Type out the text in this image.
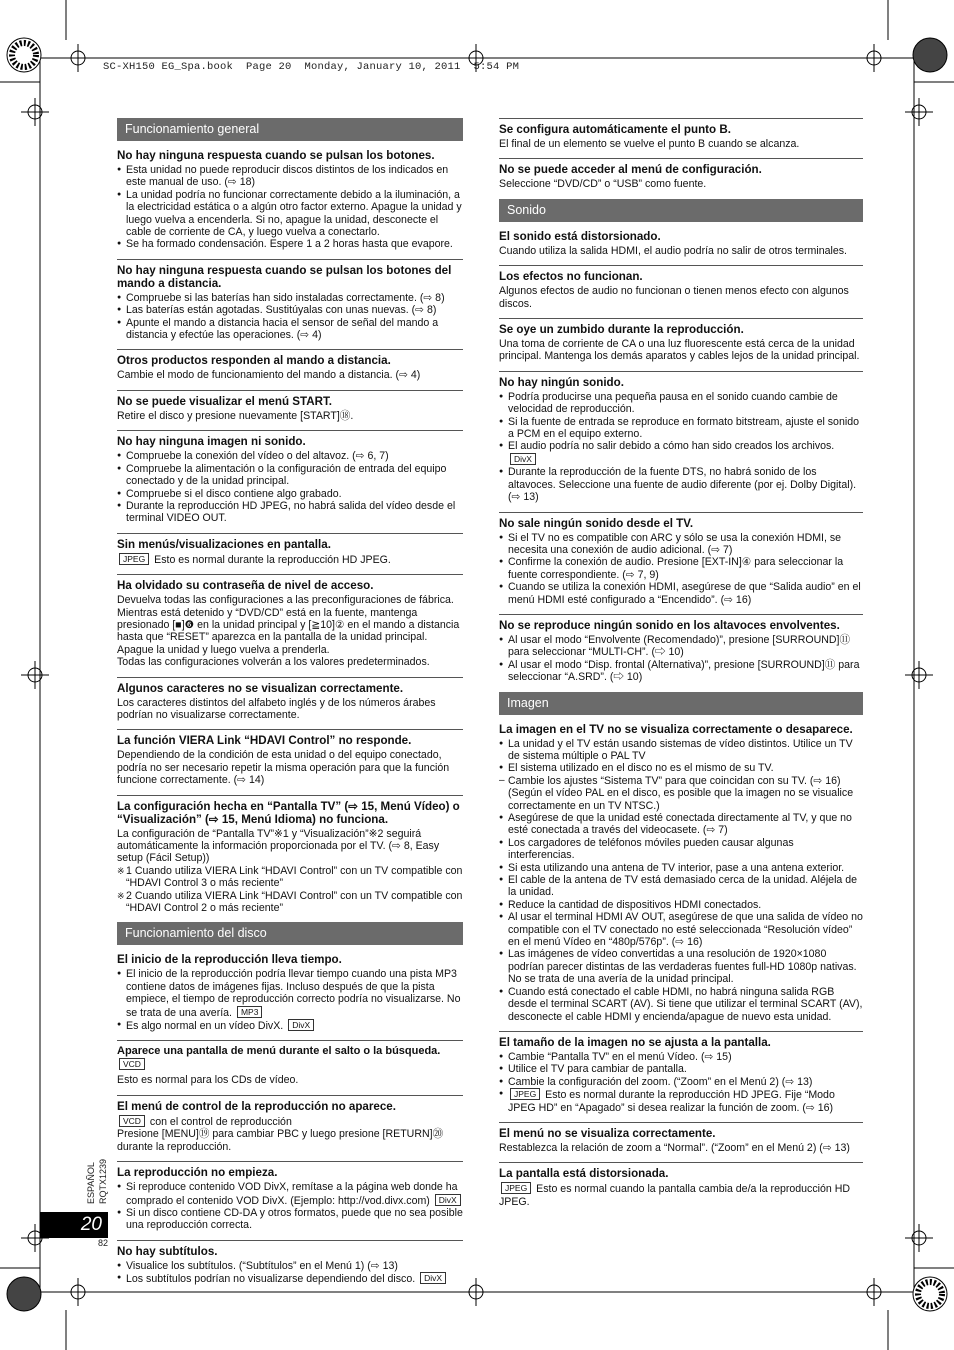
SC-XH150 EG_Spa.book  Page 20  Monday, January 10, 2011  5:54 PM
Funcionamiento general
No hay ninguna respuesta cuando se pulsan los botones.
● Esta unidad no puede reproducir discos distintos de los indicados en este manual de uso. (⇨ 18)
● La unidad podría no funcionar correctamente debido a la iluminación, a la electricidad estática o a algún otro factor externo. Apague la unidad y luego vuelva a encenderla. Si no, apague la unidad, desconecte el cable de corriente de CA, y luego vuelva a conectarlo.
● Se ha formado condensación. Espere 1 a 2 horas hasta que evapore.
No hay ninguna respuesta cuando se pulsan los botones del mando a distancia.
● Compruebe si las baterías han sido instaladas correctamente. (⇨ 8)
● Las baterías están agotadas. Sustitúyalas con unas nuevas. (⇨ 8)
● Apunte el mando a distancia hacia el sensor de señal del mando a distancia y efectúe las operaciones. (⇨ 4)
Otros productos responden al mando a distancia.

Cambie el modo de funcionamiento del mando a distancia. (⇨ 4)

No se puede visualizar el menú START.

Retire el disco y presione nuevamente [START]⑱.

No hay ninguna imagen ni sonido.
● Compruebe la conexión del vídeo o del altavoz. (⇨ 6, 7)
● Compruebe la alimentación o la configuración de entrada del equipo conectado y de la unidad principal.
● Compruebe si el disco contiene algo grabado.
● Durante la reproducción HD JPEG, no habrá salida del vídeo desde el terminal VIDEO OUT.
Sin menús/visualizaciones en pantalla.

JPEG Esto es normal durante la reproducción HD JPEG.

Ha olvidado su contraseña de nivel de acceso.

Devuelva todas las configuraciones a las preconfiguraciones de fábrica. Mientras está detenido y “DVD/CD” está en la fuente, mantenga presionado [■]❻ en la unidad principal y [≧10]② en el mando a distancia hasta que “RESET” aparezca en la pantalla de la unidad principal. Apague la unidad y luego vuelva a prenderla.

Todas las configuraciones volverán a los valores predeterminados.

Algunos caracteres no se visualizan correctamente.

Los caracteres distintos del alfabeto inglés y de los números árabes podrían no visualizarse correctamente.

La función VIERA Link “HDAVI Control” no responde.

Dependiendo de la condición de esta unidad o del equipo conectado, podría no ser necesario repetir la misma operación para que la función funcione correctamente. (⇨ 14)

La configuración hecha en “Pantalla TV” (⇨ 15, Menú Vídeo) o “Visualización” (⇨ 15, Menú Idioma) no funciona.

La configuración de “Pantalla TV”※1 y “Visualización”※2 seguirá automáticamente la información proporcionada por el TV. (⇨ 8, Easy setup (Fácil Setup))

※ 1 Cuando utiliza VIERA Link “HDAVI Control” con un TV compatible con “HDAVI Control 3 o más reciente”
※ 2 Cuando utiliza VIERA Link “HDAVI Control” con un TV compatible con “HDAVI Control 2 o más reciente”
Funcionamiento del disco
El inicio de la reproducción lleva tiempo.
● El inicio de la reproducción podría llevar tiempo cuando una pista MP3 contiene datos de imágenes fijas. Incluso después de que la pista empiece, el tiempo de reproducción correcto podría no visualizarse. No se trata de una avería. MP3
● Es algo normal en un vídeo DivX. DivX
Aparece una pantalla de menú durante el salto o la búsqueda. VCD

Esto es normal para los CDs de vídeo.

El menú de control de la reproducción no aparece.

VCD con el control de reproducción

Presione [MENU]⑲ para cambiar PBC y luego presione [RETURN]⑳ durante la reproducción.

La reproducción no empieza.
● Si reproduce contenido VOD DivX, remítase a la página web donde ha comprado el contenido VOD DivX. (Ejemplo: http://vod.divx.com) DivX
● Si un disco contiene CD-DA y otros formatos, puede que no sea posible una reproducción correcta.
No hay subtítulos.
● Visualice los subtítulos. (“Subtítulos” en el Menú 1) (⇨ 13)
● Los subtítulos podrían no visualizarse dependiendo del disco. DivX
Se configura automáticamente el punto B.

El final de un elemento se vuelve el punto B cuando se alcanza.

No se puede acceder al menú de configuración.

Seleccione “DVD/CD” o “USB” como fuente.

Sonido
El sonido está distorsionado.

Cuando utiliza la salida HDMI, el audio podría no salir de otros terminales.

Los efectos no funcionan.

Algunos efectos de audio no funcionan o tienen menos efecto con algunos discos.

Se oye un zumbido durante la reproducción.

Una toma de corriente de CA o una luz fluorescente está cerca de la unidad principal. Mantenga los demás aparatos y cables lejos de la unidad principal.

No hay ningún sonido.
● Podría producirse una pequeña pausa en el sonido cuando cambie de velocidad de reproducción.
● Si la fuente de entrada se reproduce en formato bitstream, ajuste el sonido a PCM en el equipo externo.
● El audio podría no salir debido a cómo han sido creados los archivos. DivX
● Durante la reproducción de la fuente DTS, no habrá sonido de los altavoces. Seleccione una fuente de audio diferente (por ej. Dolby Digital). (⇨ 13)
No sale ningún sonido desde el TV.
● Si el TV no es compatible con ARC y sólo se usa la conexión HDMI, se necesita una conexión de audio adicional. (⇨ 7)
● Confirme la conexión de audio. Presione [EXT-IN]④ para seleccionar la fuente correspondiente. (⇨ 7, 9)
● Cuando se utiliza la conexión HDMI, asegúrese de que “Salida audio” en el menú HDMI esté configurado a “Encendido”. (⇨ 16)
No se reproduce ningún sonido en los altavoces envolventes.
● Al usar el modo “Envolvente (Recomendado)”, presione [SURROUND]⑪ para seleccionar “MULTI-CH”. (⇨ 10)
● Al usar el modo “Disp. frontal (Alternativa)”, presione [SURROUND]⑪ para seleccionar “A.SRD”. (⇨ 10)
Imagen
La imagen en el TV no se visualiza correctamente o desaparece.
● La unidad y el TV están usando sistemas de vídeo distintos. Utilice un TV de sistema múltiple o PAL TV
● El sistema utilizado en el disco no es el mismo de su TV.
– Cambie los ajustes “Sistema TV” para que coincidan con su TV. (⇨ 16) (Según el vídeo PAL en el disco, es posible que la imagen no se visualice correctamente en un TV NTSC.)
● Asegúrese de que la unidad esté conectada directamente al TV, y que no esté conectada a través del videocasete. (⇨ 7)
● Los cargadores de teléfonos móviles pueden causar algunas interferencias.
● Si esta utilizando una antena de TV interior, pase a una antena exterior.
● El cable de la antena de TV está demasiado cerca de la unidad. Aléjela de la unidad.
● Reduce la cantidad de dispositivos HDMI conectados.
● Al usar el terminal HDMI AV OUT, asegúrese de que una salida de vídeo no compatible con el TV conectado no esté seleccionada “Resolución vídeo” en el menú Vídeo en “480p/576p”. (⇨ 16)
● Las imágenes de vídeo convertidas a una resolución de 1920×1080 podrían parecer distintas de las verdaderas fuentes full-HD 1080p nativas. No se trata de una avería de la unidad principal.
● Cuando está conectado el cable HDMI, no habrá ninguna salida RGB desde el terminal SCART (AV). Si tiene que utilizar el terminal SCART (AV), desconecte el cable HDMI y encienda/apague de nuevo esta unidad.
El tamaño de la imagen no se ajusta a la pantalla.
● Cambie “Pantalla TV” en el menú Vídeo. (⇨ 15)
● Utilice el TV para cambiar de pantalla.
● Cambie la configuración del zoom. (“Zoom” en el Menú 2) (⇨ 13)
● JPEG Esto es normal durante la reproducción HD JPEG. Fije “Modo JPEG HD” en “Apagado” si desea realizar la función de zoom. (⇨ 16)
El menú no se visualiza correctamente.

Restablezca la relación de zoom a “Normal”. (“Zoom” en el Menú 2) (⇨ 13)

La pantalla está distorsionada.

JPEG Esto es normal cuando la pantalla cambia de/a la reproducción HD JPEG.

ESPAÑOL RQTX1239
20
82
